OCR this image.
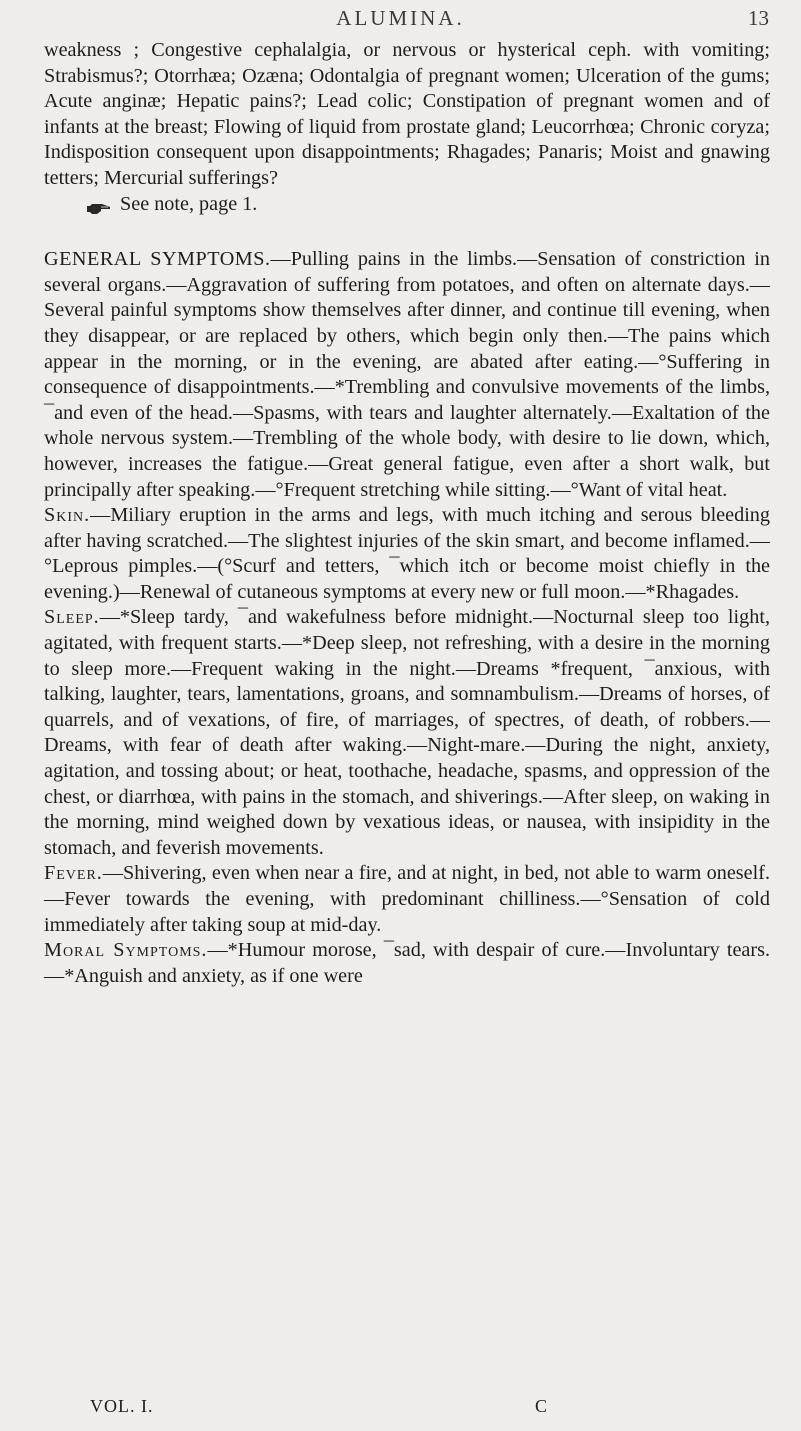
ALUMINA.	13

weakness ; Congestive cephalalgia, or nervous or hysterical ceph. with vomiting; Strabismus?; Otorrhæa; Ozæna; Odontalgia of pregnant women; Ulceration of the gums; Acute anginæ; Hepatic pains?; Lead colic; Constipation of pregnant women and of infants at the breast; Flowing of liquid from prostate gland; Leucorrhœa; Chronic coryza; Indisposition consequent upon disappointments; Rhagades; Panaris; Moist and gnawing tetters; Mercurial sufferings?

See note, page 1.

GENERAL SYMPTOMS.—Pulling pains in the limbs.—Sensation of constriction in several organs.—Aggravation of suffering from potatoes, and often on alternate days.—Several painful symptoms show themselves after dinner, and continue till evening, when they disappear, or are replaced by others, which begin only then.—The pains which appear in the morning, or in the evening, are abated after eating.—°Suffering in consequence of disappointments.—*Trembling and convulsive movements of the limbs, ¯and even of the head.—Spasms, with tears and laughter alternately.—Exaltation of the whole nervous system.—Trembling of the whole body, with desire to lie down, which, however, increases the fatigue.—Great general fatigue, even after a short walk, but principally after speaking.—°Frequent stretching while sitting.—°Want of vital heat.

Skin.—Miliary eruption in the arms and legs, with much itching and serous bleeding after having scratched.—The slightest injuries of the skin smart, and become inflamed.—°Leprous pimples.—(°Scurf and tetters, ¯which itch or become moist chiefly in the evening.)—Renewal of cutaneous symptoms at every new or full moon.—*Rhagades.

Sleep.—*Sleep tardy, ¯and wakefulness before midnight.—Nocturnal sleep too light, agitated, with frequent starts.—*Deep sleep, not refreshing, with a desire in the morning to sleep more.—Frequent waking in the night.—Dreams *frequent, ¯anxious, with talking, laughter, tears, lamentations, groans, and somnambulism.—Dreams of horses, of quarrels, and of vexations, of fire, of marriages, of spectres, of death, of robbers.—Dreams, with fear of death after waking.—Night-mare.—During the night, anxiety, agitation, and tossing about; or heat, toothache, headache, spasms, and oppression of the chest, or diarrhœa, with pains in the stomach, and shiverings.—After sleep, on waking in the morning, mind weighed down by vexatious ideas, or nausea, with insipidity in the stomach, and feverish movements.

Fever.—Shivering, even when near a fire, and at night, in bed, not able to warm oneself.—Fever towards the evening, with predominant chilliness.—°Sensation of cold immediately after taking soup at mid-day.

Moral Symptoms.—*Humour morose, ¯sad, with despair of cure.—Involuntary tears.—*Anguish and anxiety, as if one were

VOL. I.	C
